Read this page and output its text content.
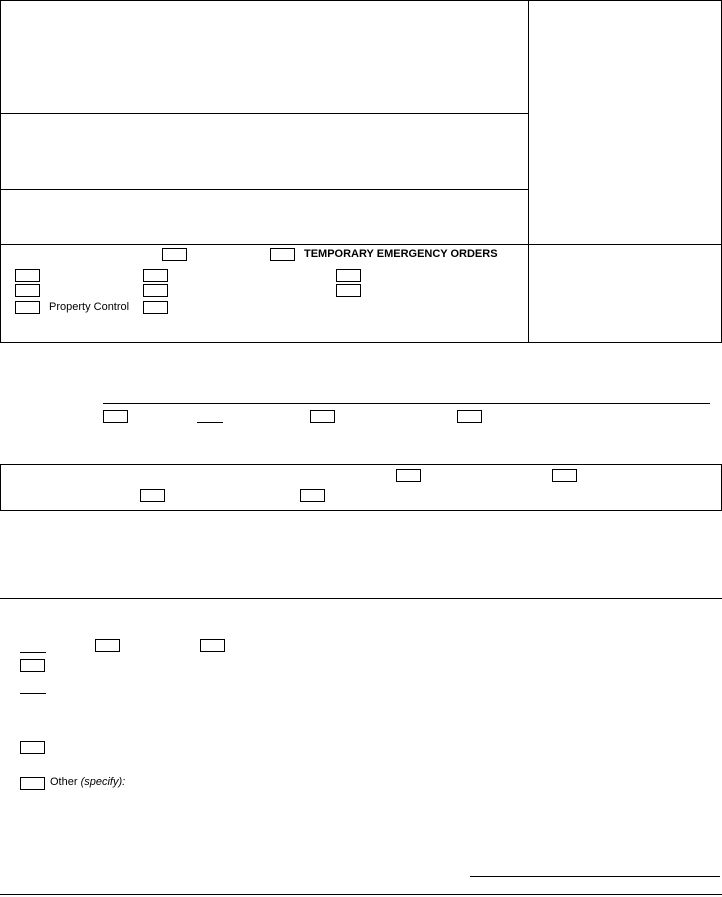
TEMPORARY EMERGENCY ORDERS
Property Control
Other (specify):
